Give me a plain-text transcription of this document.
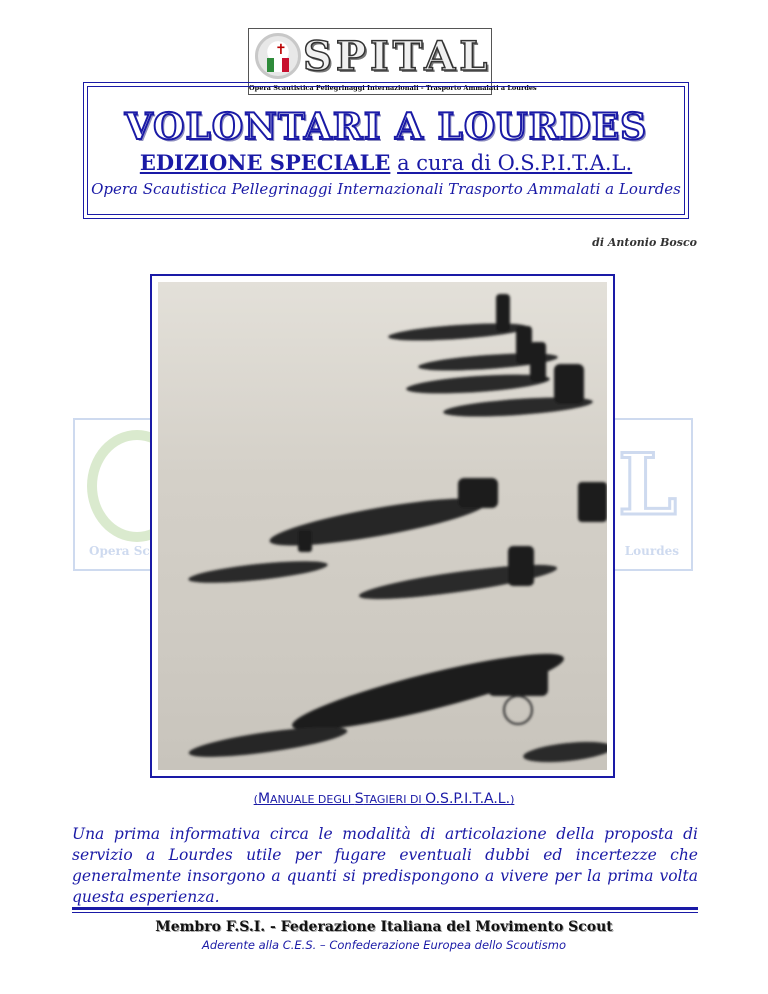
✝ SPITAL
Opera Scautistica Pellegrinaggi Internazionali - Trasporto Ammalati a Lourdes
VOLONTARI A LOURDES
EDIZIONE SPECIALE a cura di O.S.P.I.T.A.L.
Opera Scautistica Pellegrinaggi Internazionali Trasporto Ammalati a Lourdes
di Antonio Bosco
L
Opera Sc	Lourdes
(MANUALE DEGLI STAGIERI DI O.S.P.I.T.A.L.)
Una prima informativa circa le modalità di articolazione della proposta di servizio a Lourdes utile per fugare eventuali dubbi ed incertezze che generalmente insorgono a quanti si predispongono a vivere per la prima volta questa esperienza.
Membro F.S.I. - Federazione Italiana del Movimento Scout
Aderente alla C.E.S. – Confederazione Europea dello Scoutismo
